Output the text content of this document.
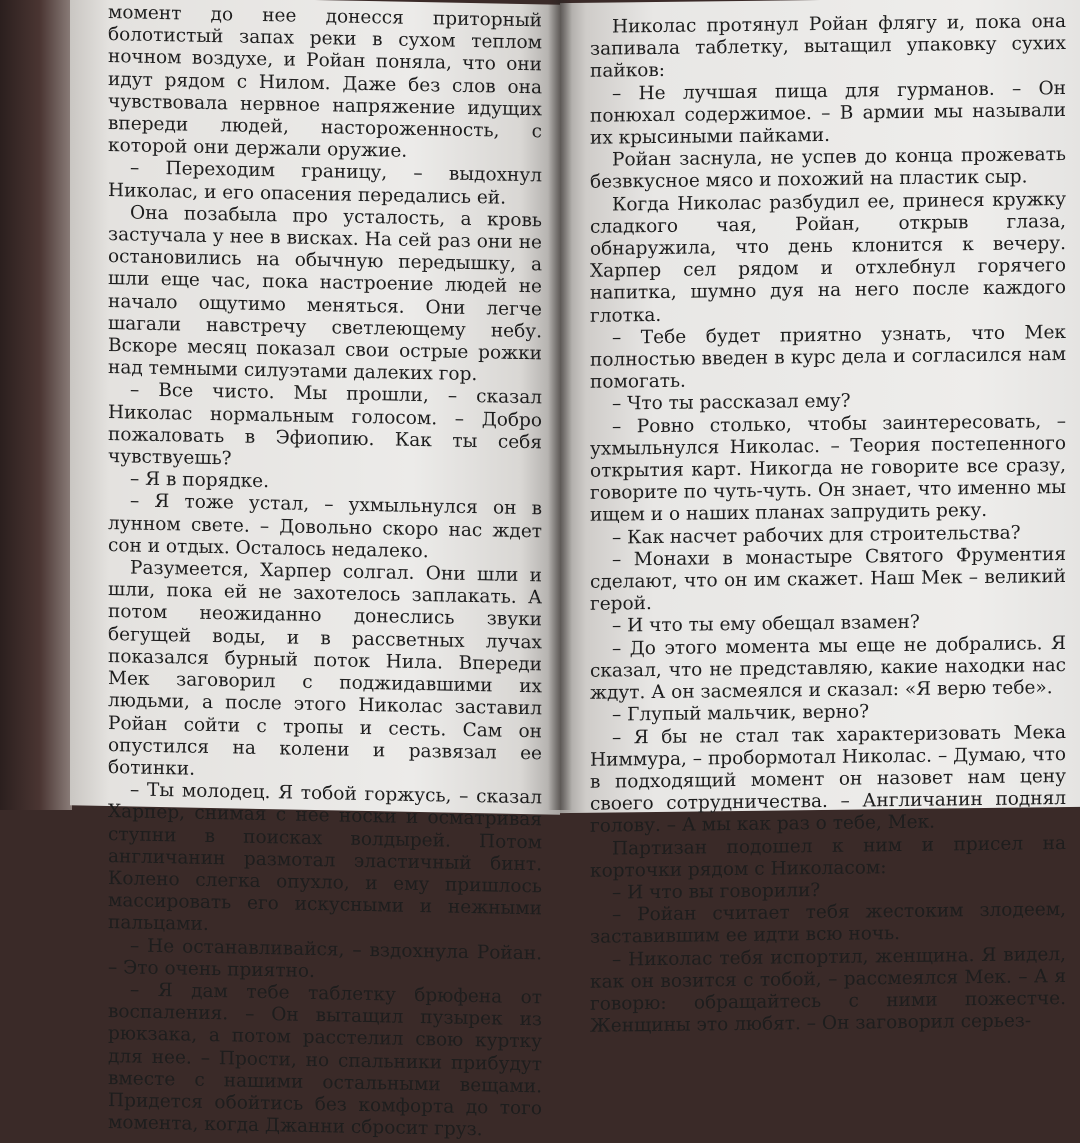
момент до нее донесся приторный болотистый запах реки в сухом теплом ночном воздухе, и Ройан поняла, что они идут рядом с Нилом. Даже без слов она чувствовала нервное напряжение идущих впереди людей, настороженность, с которой они держали оружие.

– Переходим границу, – выдохнул Николас, и его опасения передались ей.

Она позабыла про усталость, а кровь застучала у нее в висках. На сей раз они не остановились на обычную передышку, а шли еще час, пока настроение людей не начало ощутимо меняться. Они легче шагали навстречу светлеющему небу. Вскоре месяц показал свои острые рожки над темными силуэтами далеких гор.

– Все чисто. Мы прошли, – сказал Николас нормальным голосом. – Добро пожаловать в Эфиопию. Как ты себя чувствуешь?

– Я в порядке.

– Я тоже устал, – ухмыльнулся он в лунном свете. – Довольно скоро нас ждет сон и отдых. Осталось недалеко.

Разумеется, Харпер солгал. Они шли и шли, пока ей не захотелось заплакать. А потом неожиданно донеслись звуки бегущей воды, и в рассветных лучах показался бурный поток Нила. Впереди Мек заговорил с поджидавшими их людьми, а после этого Николас заставил Ройан сойти с тропы и сесть. Сам он опустился на колени и развязал ее ботинки.

– Ты молодец. Я тобой горжусь, – сказал Харпер, снимая с нее носки и осматривая ступни в поисках волдырей. Потом англичанин размотал эластичный бинт. Колено слегка опухло, и ему пришлось массировать его искусными и нежными пальцами.

– Не останавливайся, – вздохнула Ройан. – Это очень приятно.

– Я дам тебе таблетку брюфена от воспаления. – Он вытащил пузырек из рюкзака, а потом расстелил свою куртку для нее. – Прости, но спальники прибудут вместе с нашими остальными вещами. Придется обойтись без комфорта до того момента, когда Джанни сбросит груз.

Николас протянул Ройан флягу и, пока она запивала таблетку, вытащил упаковку сухих пайков:

– Не лучшая пища для гурманов. – Он понюхал содержимое. – В армии мы называли их крысиными пайками.

Ройан заснула, не успев до конца прожевать безвкусное мясо и похожий на пластик сыр.

Когда Николас разбудил ее, принеся кружку сладкого чая, Ройан, открыв глаза, обнаружила, что день клонится к вечеру. Харпер сел рядом и отхлебнул горячего напитка, шумно дуя на него после каждого глотка.

– Тебе будет приятно узнать, что Мек полностью введен в курс дела и согласился нам помогать.

– Что ты рассказал ему?

– Ровно столько, чтобы заинтересовать, – ухмыльнулся Николас. – Теория постепенного открытия карт. Никогда не говорите все сразу, говорите по чуть-чуть. Он знает, что именно мы ищем и о наших планах запрудить реку.

– Как насчет рабочих для строительства?

– Монахи в монастыре Святого Фрументия сделают, что он им скажет. Наш Мек – великий герой.

– И что ты ему обещал взамен?

– До этого момента мы еще не добрались. Я сказал, что не представляю, какие находки нас ждут. А он засмеялся и сказал: «Я верю тебе».

– Глупый мальчик, верно?

– Я бы не стал так характеризовать Мека Ниммура, – пробормотал Николас. – Думаю, что в подходящий момент он назовет нам цену своего сотрудничества. – Англичанин поднял голову. – А мы как раз о тебе, Мек.

Партизан подошел к ним и присел на корточки рядом с Николасом:

– И что вы говорили?

– Ройан считает тебя жестоким злодеем, заставившим ее идти всю ночь.

– Николас тебя испортил, женщина. Я видел, как он возится с тобой, – рассмеялся Мек. – А я говорю: обращайтесь с ними пожестче. Женщины это любят. – Он заговорил серьез-
